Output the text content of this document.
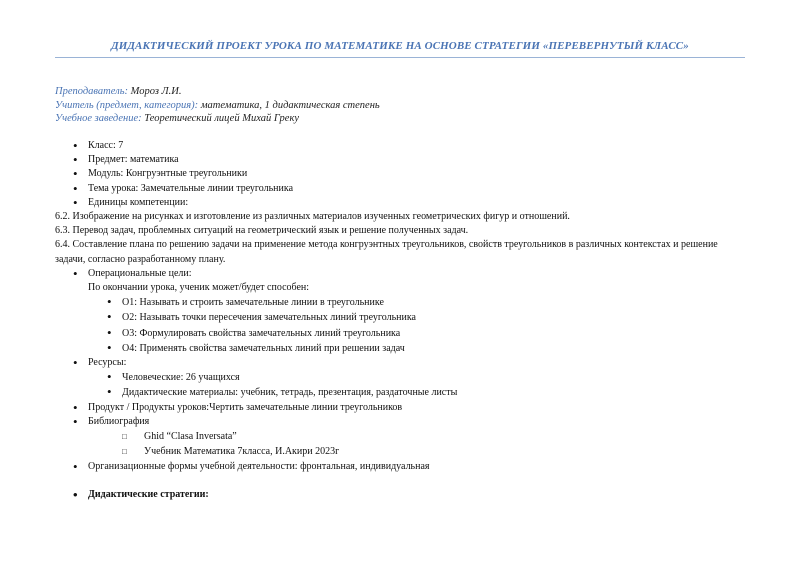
ДИДАКТИЧЕСКИЙ ПРОЕКТ УРОКА ПО МАТЕМАТИКЕ НА ОСНОВЕ СТРАТЕГИИ «ПЕРЕВЕРНУТЫЙ КЛАСС»
Преподаватель: Мороз Л.И.
Учитель (предмет, категория): математика, 1 дидактическая степень
Учебное заведение: Теоретический лицей Михай Греку
• Класс: 7
• Предмет: математика
• Модуль: Конгруэнтные треугольники
• Тема урока: Замечательные линии треугольника
• Единицы компетенции:
6.2. Изображение на рисунках и изготовление из различных материалов изученных геометрических фигур и отношений.
6.3. Перевод задач, проблемных ситуаций на геометрический язык и решение полученных задач.
6.4. Составление плана по решению задачи на применение метода конгруэнтных треугольников, свойств треугольников в различных контекстах и решение задачи, согласно разработанному плану.
• Операциональные цели:
По окончании урока, ученик может/будет способен:
• О1: Называть и строить замечательные линии в треугольнике
• О2: Называть точки пересечения замечательных линий треугольника
• О3: Формулировать свойства замечательных линий треугольника
• О4: Применять свойства замечательных линий при решении задач
• Ресурсы:
• Человеческие: 26 учащихся
• Дидактические материалы: учебник, тетрадь, презентация, раздаточные листы
• Продукт / Продукты уроков:Чертить замечательные линии треугольников
• Библиография
□ Ghid “Clasa Inversata”
□ Учебник Математика 7класса, И.Акири 2023г
• Организационные формы учебной деятельности: фронтальная, индивидуальная
• Дидактические стратегии:
